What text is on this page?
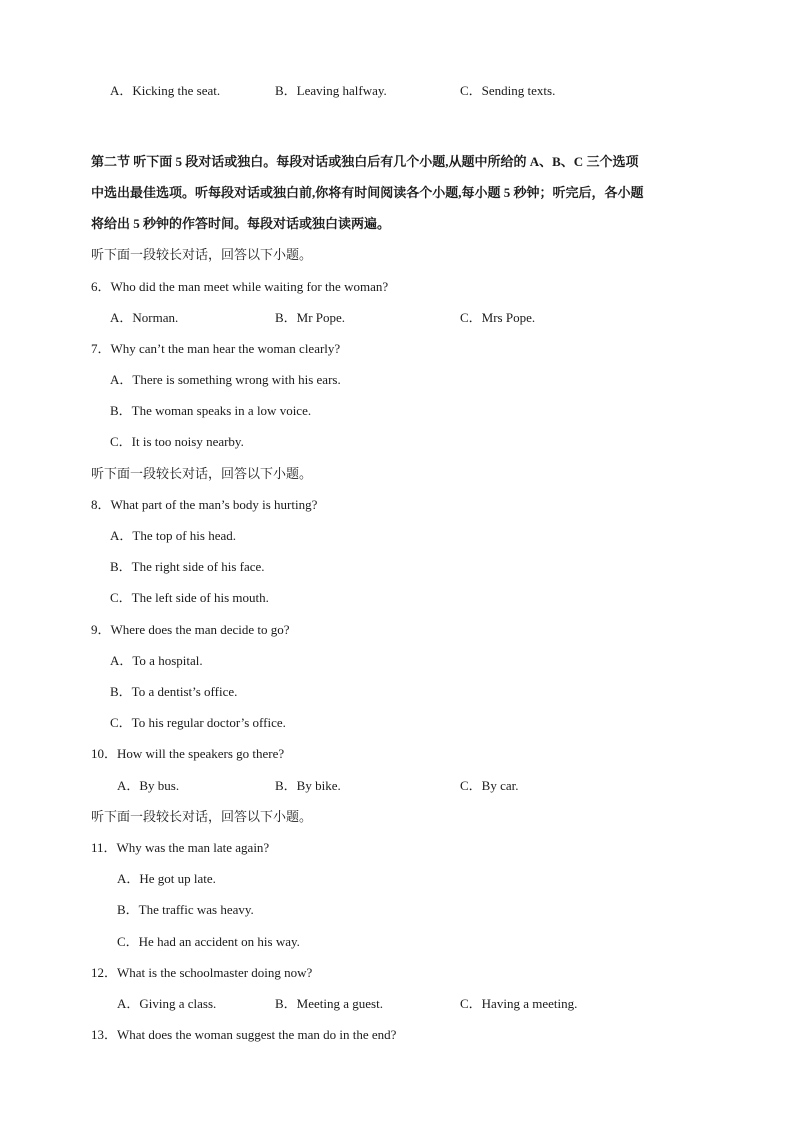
A．Kicking the seat.	B．Leaving halfway.	C．Sending texts.
第二节 听下面 5 段对话或独白。每段对话或独白后有几个小题,从题中所给的 A、B、C 三个选项
中选出最佳选项。听每段对话或独白前,你将有时间阅读各个小题,每小题 5 秒钟；听完后，各小题
将给出 5 秒钟的作答时间。每段对话或独白读两遍。
听下面一段较长对话，回答以下小题。
6．Who did the man meet while waiting for the woman?
A．Norman.	B．Mr Pope.	C．Mrs Pope.
7．Why can’t the man hear the woman clearly?
A．There is something wrong with his ears.
B．The woman speaks in a low voice.
C．It is too noisy nearby.
听下面一段较长对话，回答以下小题。
8．What part of the man’s body is hurting?
A．The top of his head.
B．The right side of his face.
C．The left side of his mouth.
9．Where does the man decide to go?
A．To a hospital.
B．To a dentist’s office.
C．To his regular doctor’s office.
10．How will the speakers go there?
A．By bus.	B．By bike.	C．By car.
听下面一段较长对话，回答以下小题。
11．Why was the man late again?
A．He got up late.
B．The traffic was heavy.
C．He had an accident on his way.
12．What is the schoolmaster doing now?
A．Giving a class.	B．Meeting a guest.	C．Having a meeting.
13．What does the woman suggest the man do in the end?
